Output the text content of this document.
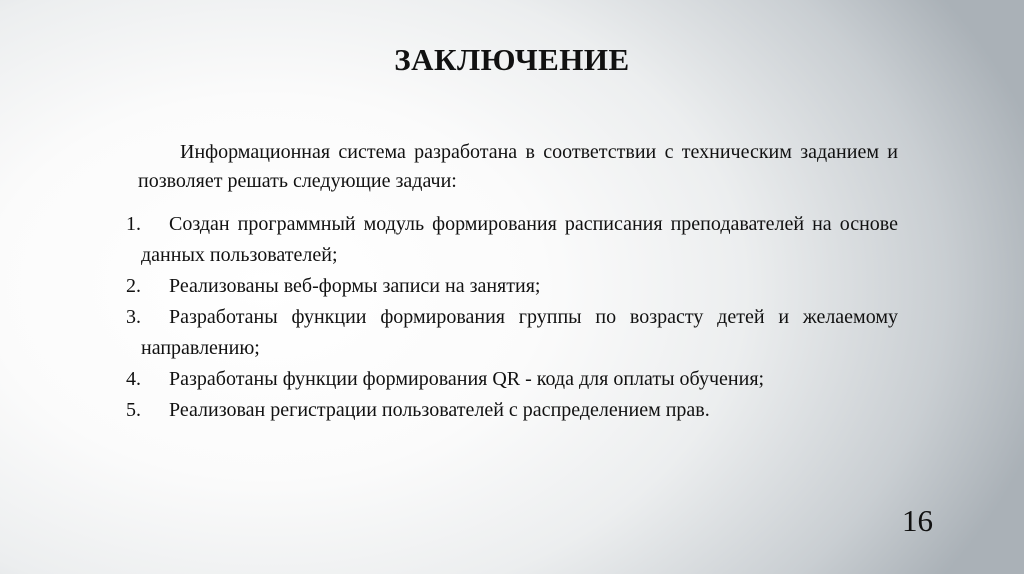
ЗАКЛЮЧЕНИЕ

Информационная система разработана в соответствии с техническим заданием и позволяет решать следующие задачи:

1.	Создан программный модуль формирования расписания преподавателей на основе данных пользователей;
2.	Реализованы веб-формы записи на занятия;
3.	Разработаны функции формирования группы по возрасту детей и желаемому направлению;
4.	Разработаны функции формирования QR - кода для оплаты обучения;
5.	Реализован регистрации пользователей с распределением прав.
16
